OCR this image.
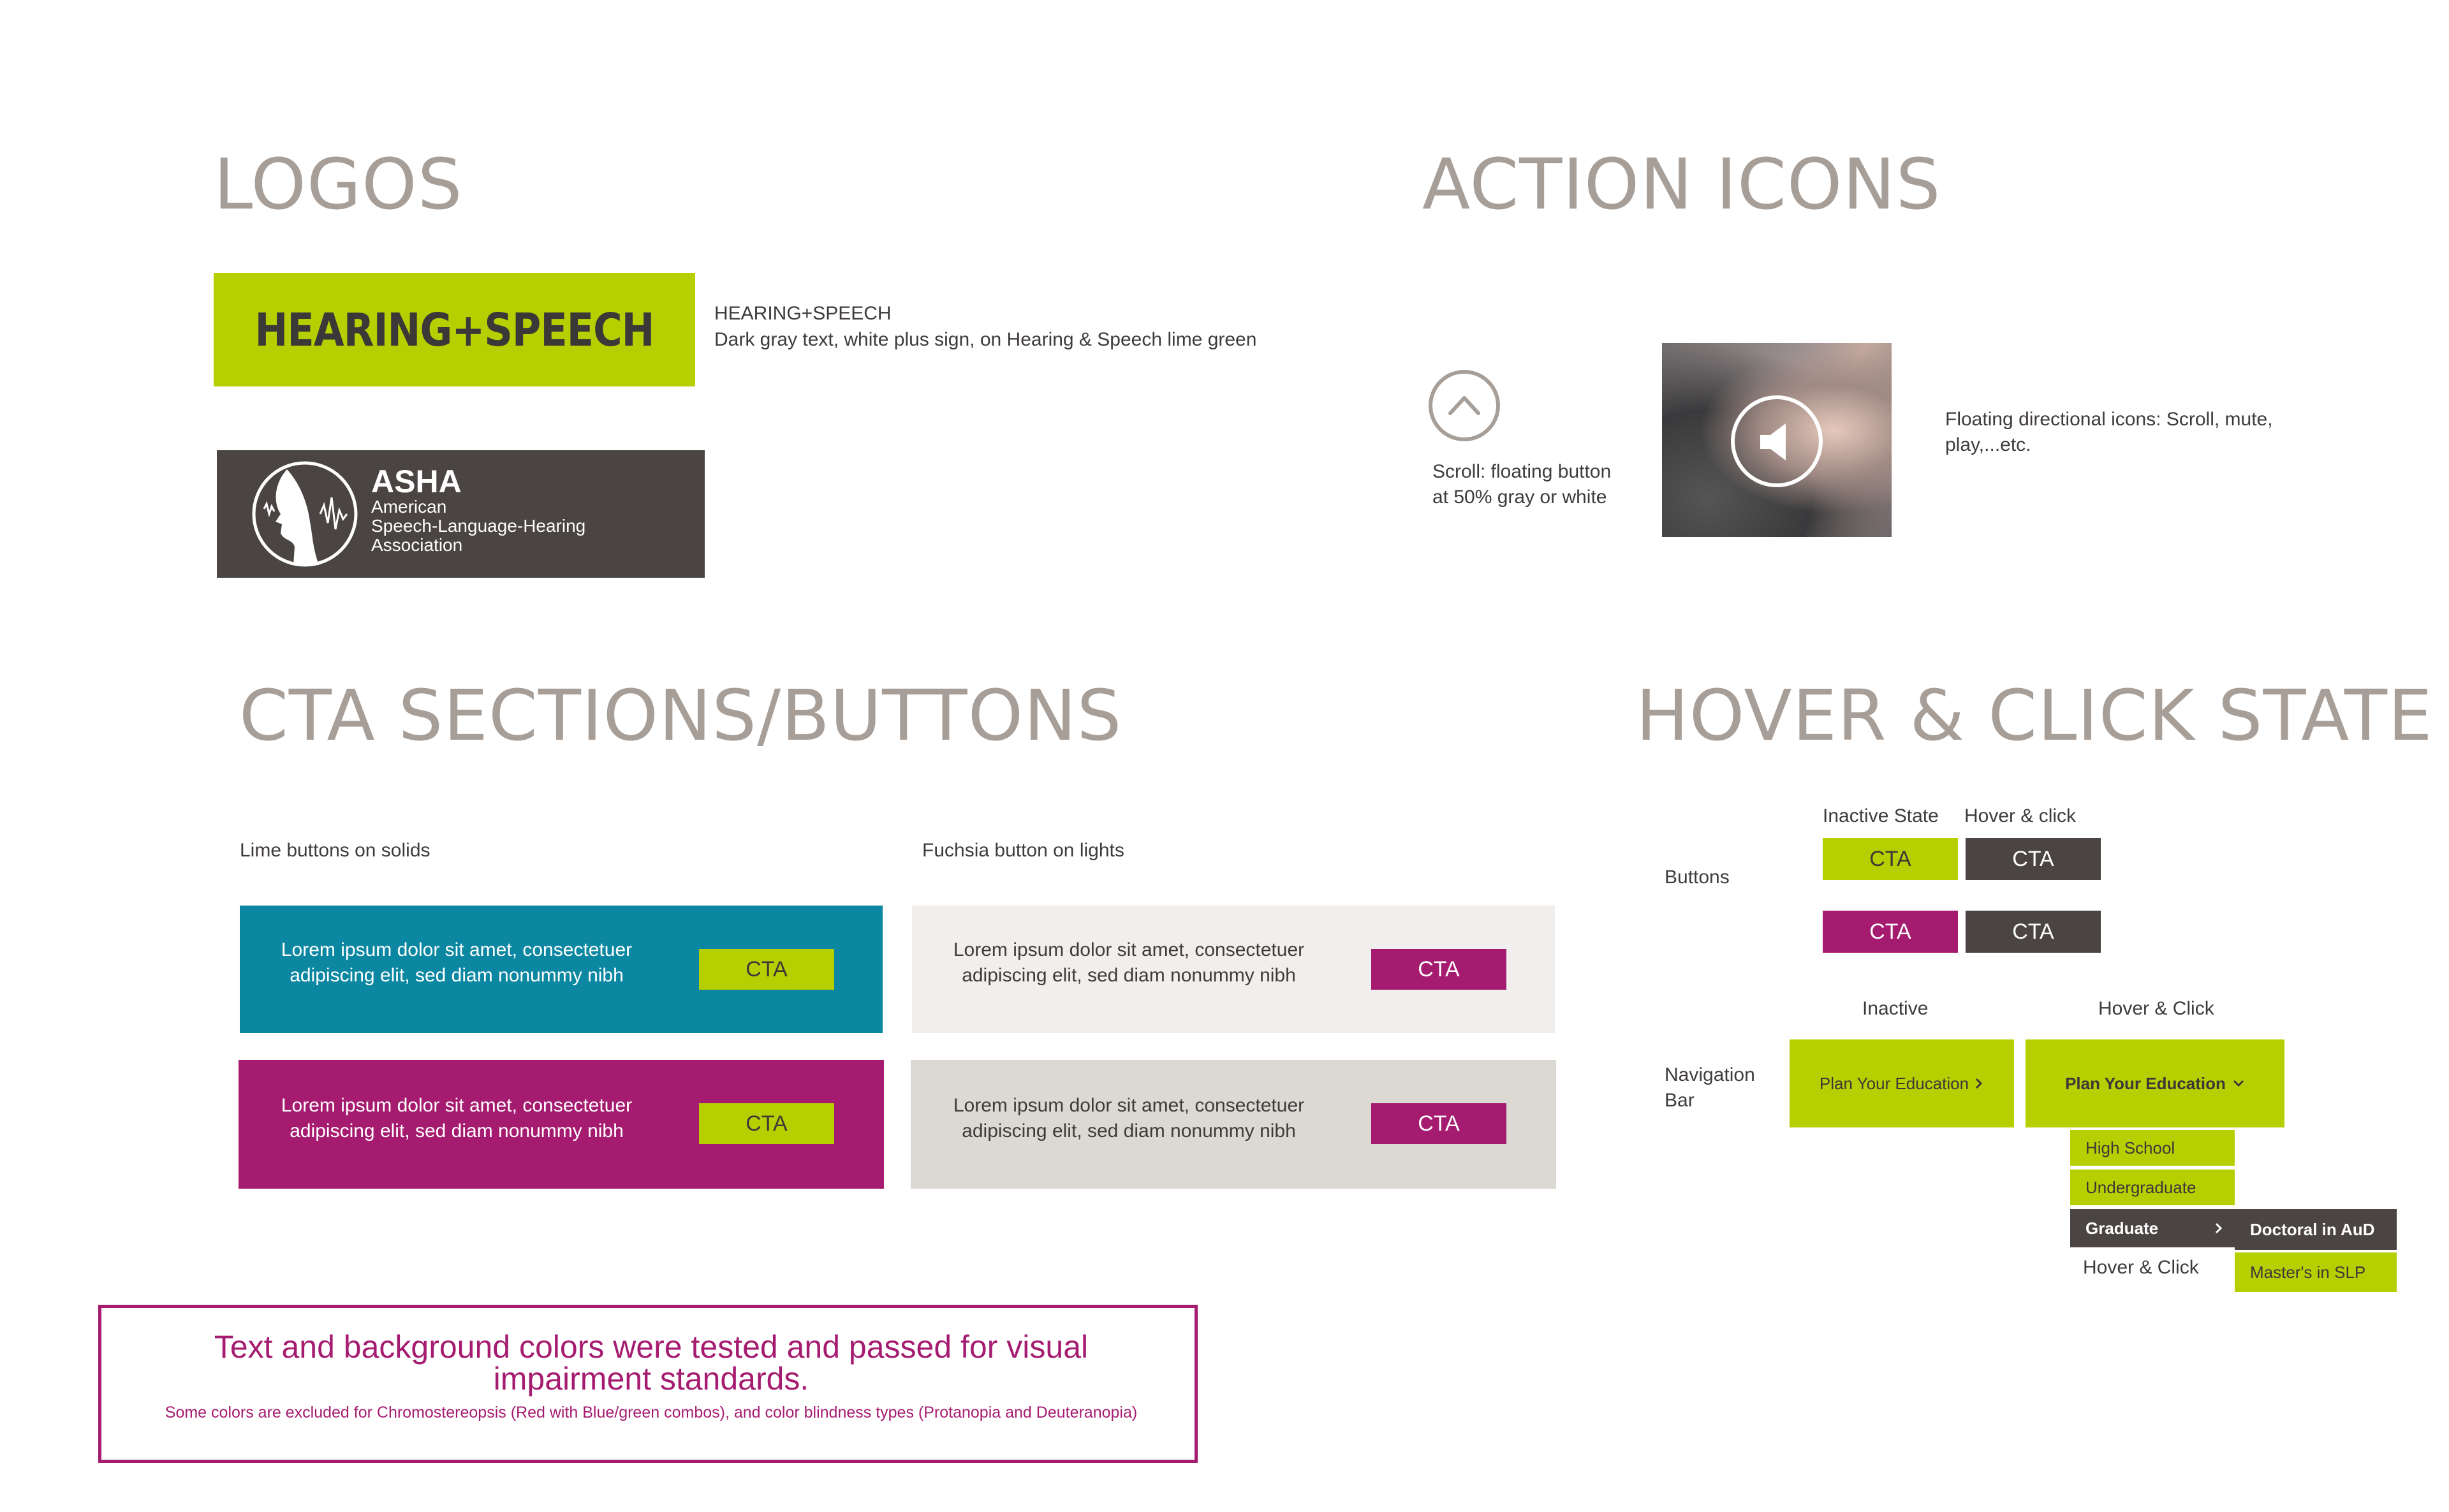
LOGOS
HEARING+SPEECH	HEARING+SPEECH
Dark gray text, white plus sign, on Hearing & Speech lime green
ASHA
American
Speech-Language-Hearing
Association
ACTION ICONS
Scroll: floating button
at 50% gray or white
Floating directional icons: Scroll, mute,
play,...etc.
CTA SECTIONS/BUTTONS
Lime buttons on solids	Fuchsia button on lights
Lorem ipsum dolor sit amet, consectetuer
adipiscing elit, sed diam nonummy nibh	CTA
Lorem ipsum dolor sit amet, consectetuer
adipiscing elit, sed diam nonummy nibh	CTA
Lorem ipsum dolor sit amet, consectetuer
adipiscing elit, sed diam nonummy nibh	CTA
Lorem ipsum dolor sit amet, consectetuer
adipiscing elit, sed diam nonummy nibh	CTA
HOVER & CLICK STATE
Inactive State Hover & click
Buttons
CTA	CTA
CTA	CTA
Inactive	Hover & Click
Navigation
Bar
Plan Your Education	Plan Your Education
High School
Undergraduate
Graduate	Doctoral in AuD
Master's in SLP
Hover & Click
Text and background colors were tested and passed for visual impairment standards.
Some colors are excluded for Chromostereopsis (Red with Blue/green combos), and color blindness types (Protanopia and Deuteranopia)
